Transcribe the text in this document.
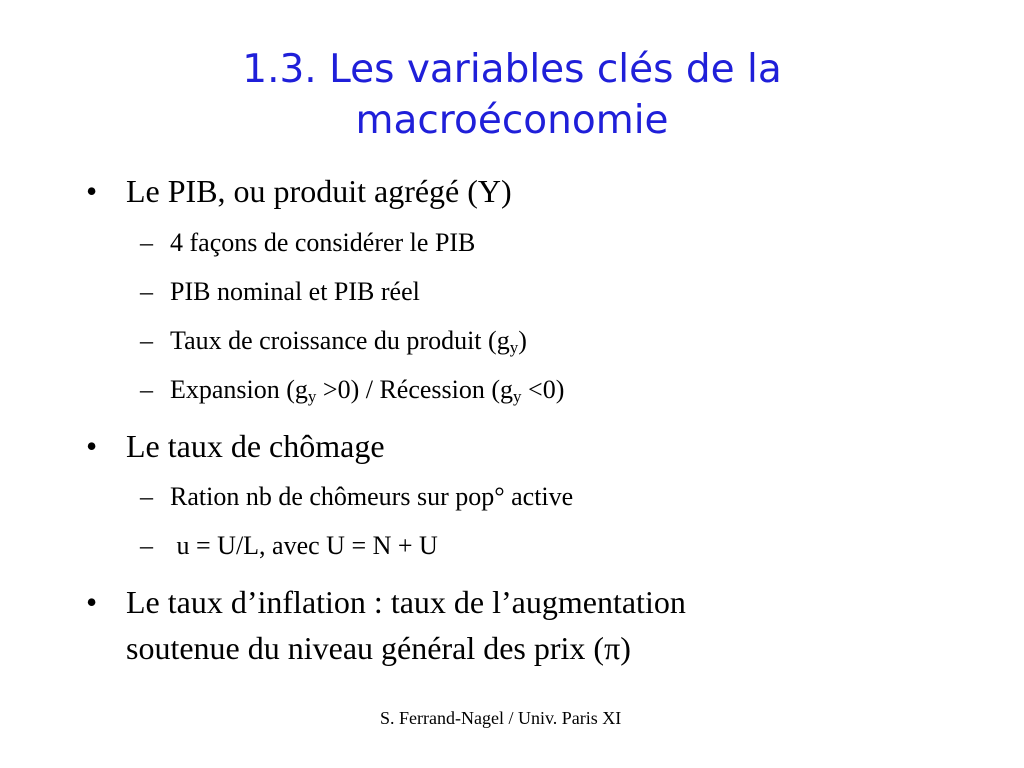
1.3. Les variables clés de la
macroéconomie
• Le PIB, ou produit agrégé (Y)
– 4 façons de considérer le PIB
– PIB nominal et PIB réel
– Taux de croissance du produit $(g_y)$
– Expansion $(g_y >0)$ / Récession $(g_y <0)$
• Le taux de chômage
– Ration nb de chômeurs sur pop° active
– u = U/L, avec U = N + U
• Le taux d’inflation : taux de l’augmentation
soutenue du niveau général des prix (π)
S. Ferrand-Nagel / Univ. Paris XI
